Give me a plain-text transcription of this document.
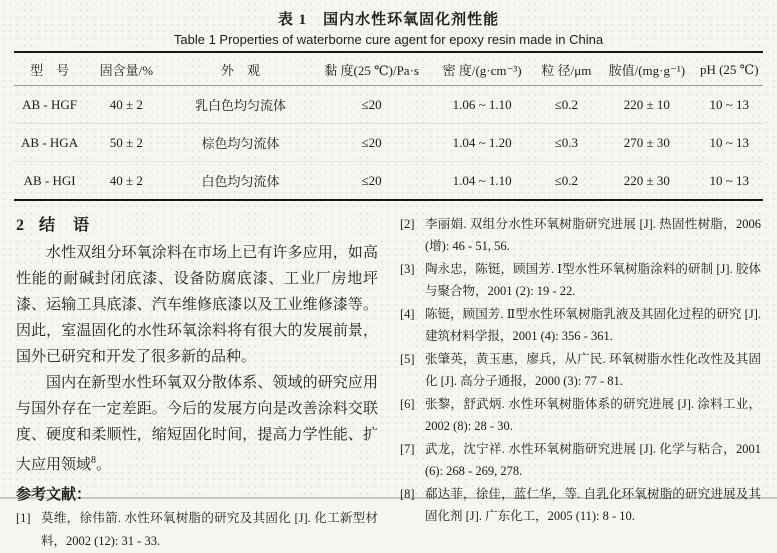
表 1　国内水性环氧固化剂性能
Table 1 Properties of waterborne cure agent for epoxy resin made in China
型　号	固含量/%	外　观	黏 度(25 ℃)/Pa·s	密 度/(g·cm⁻³)	粒 径/μm	胺值/(mg·g⁻¹)	pH (25 ℃)
AB - HGF	40 ± 2	乳白色均匀流体	≤20	1.06 ~ 1.10	≤0.2	220 ± 10	10 ~ 13
AB - HGA	50 ± 2	棕色均匀流体	≤20	1.04 ~ 1.20	≤0.3	270 ± 30	10 ~ 13
AB - HGI	40 ± 2	白色均匀流体	≤20	1.04 ~ 1.10	≤0.2	220 ± 30	10 ~ 13
2 结　语

水性双组分环氧涂料在市场上已有许多应用，如高性能的耐碱封闭底漆、设备防腐底漆、工业厂房地坪漆、运输工具底漆、汽车维修底漆以及工业维修漆等。因此，室温固化的水性环氧涂料将有很大的发展前景，国外已研究和开发了很多新的品种。

国内在新型水性环氧双分散体系、领域的研究应用与国外存在一定差距。今后的发展方向是改善涂料交联度、硬度和柔顺性，缩短固化时间，提高力学性能、扩大应用领域$^8$。

参考文献：
[1] 莫维，徐伟箭. 水性环氧树脂的研究及其固化 [J]. 化工新型材料，2002 (12): 31 - 33.
[2] 李丽娟. 双组分水性环氧树脂研究进展 [J]. 热固性树脂，2006 (增): 46 - 51, 56.
[3] 陶永忠，陈铤，顾国芳. Ⅰ型水性环氧树脂涂料的研制 [J]. 胶体与聚合物，2001 (2): 19 - 22.
[4] 陈铤，顾国芳. Ⅱ型水性环氧树脂乳液及其固化过程的研究 [J]. 建筑材料学报，2001 (4): 356 - 361.
[5] 张肇英，黄玉惠，廖兵，从广民. 环氧树脂水性化改性及其固化 [J]. 高分子通报，2000 (3): 77 - 81.
[6] 张黎，舒武炳. 水性环氧树脂体系的研究进展 [J]. 涂料工业，2002 (8): 28 - 30.
[7] 武龙，沈宁祥. 水性环氧树脂研究进展 [J]. 化学与粘合，2001 (6): 268 - 269, 278.
[8] 郗达菲，徐佳，蓝仁华，等. 自乳化环氧树脂的研究进展及其固化剂 [J]. 广东化工，2005 (11): 8 - 10.
